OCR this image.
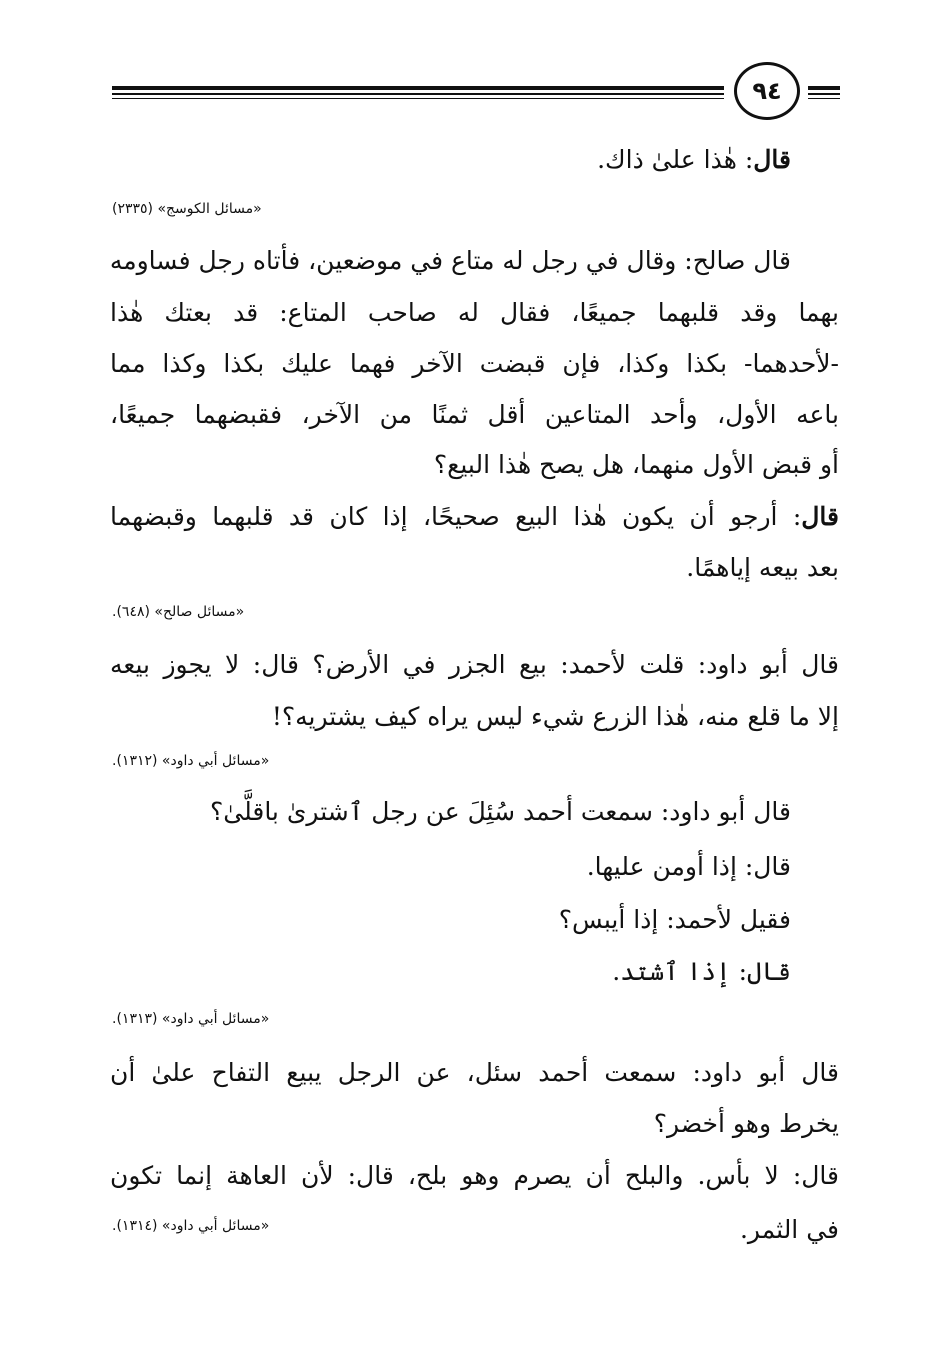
٩٤
قال: هٰذا علىٰ ذاك.
«مسائل الكوسج» (٢٣٣٥)
قال صالح: وقال في رجل له متاع في موضعين، فأتاه رجل فساومه
بهما وقد قلبهما جميعًا، فقال له صاحب المتاع: قد بعتك هٰذا
-لأحدهما- بكذا وكذا، فإن قبضت الآخر فهما عليك بكذا وكذا مما
باعه الأول، وأحد المتاعين أقل ثمنًا من الآخر، فقبضهما جميعًا،
أو قبض الأول منهما، هل يصح هٰذا البيع؟
قال: أرجو أن يكون هٰذا البيع صحيحًا، إذا كان قد قلبهما وقبضهما
بعد بيعه إياهمًا.
«مسائل صالح» (٦٤٨).
قال أبو داود: قلت لأحمد: بيع الجزر في الأرض؟ قال: لا يجوز بيعه
إلا ما قلع منه، هٰذا الزرع شيء ليس يراه كيف يشتريه؟!
«مسائل أبي داود» (١٣١٢).
قال أبو داود: سمعت أحمد سُئِلَ عن رجل ٱشترىٰ باقلَّىٰ؟
قال: إذا أومن عليها.
فقيل لأحمد: إذا أيبس؟
قال: إذا ٱشتد.
«مسائل أبي داود» (١٣١٣).
قال أبو داود: سمعت أحمد سئل، عن الرجل يبيع التفاح علىٰ أن
يخرط وهو أخضر؟
قال: لا بأس. والبلح أن يصرم وهو بلح، قال: لأن العاهة إنما تكون
في الثمر.
«مسائل أبي داود» (١٣١٤).
